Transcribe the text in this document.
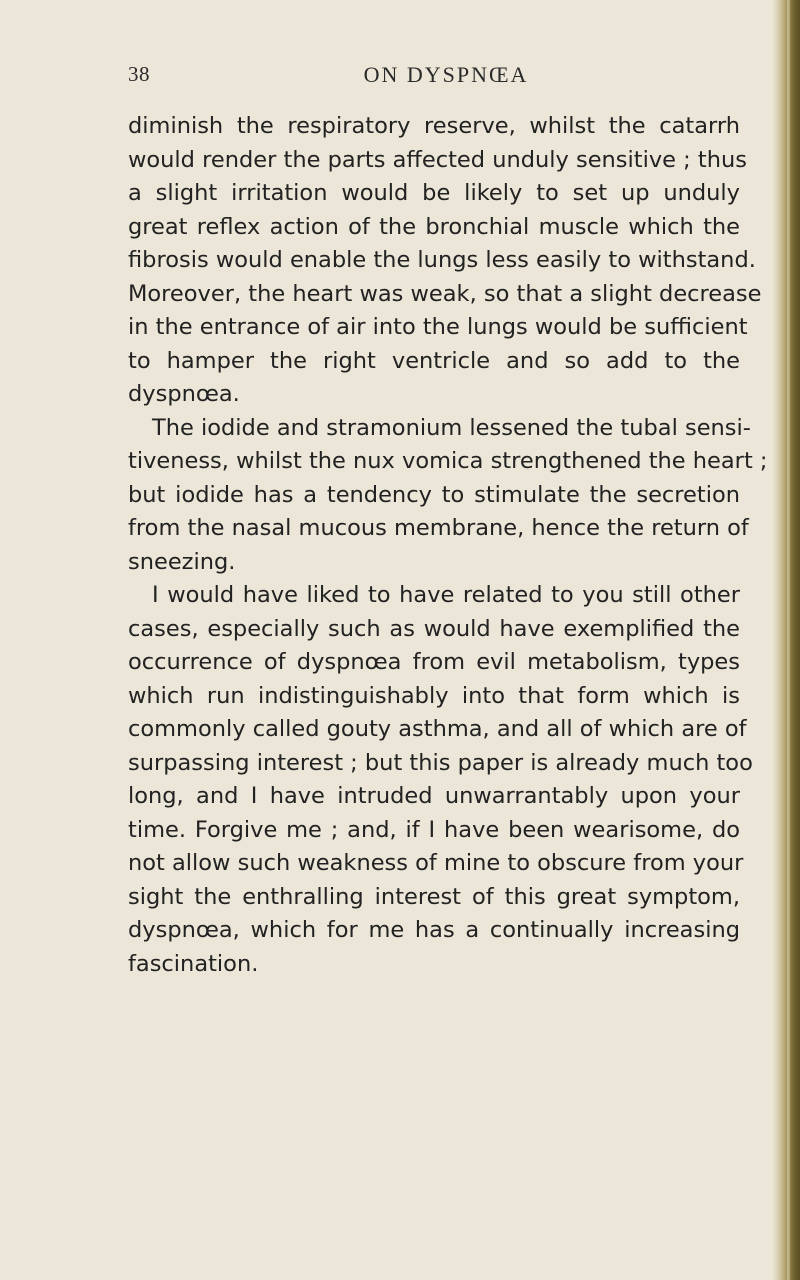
38	ON DYSPNŒA
diminish the respiratory reserve, whilst the catarrh
would render the parts affected unduly sensitive ; thus
a slight irritation would be likely to set up unduly
great reflex action of the bronchial muscle which the
fibrosis would enable the lungs less easily to withstand.
Moreover, the heart was weak, so that a slight decrease
in the entrance of air into the lungs would be sufficient
to hamper the right ventricle and so add to the
dyspnœa.
The iodide and stramonium lessened the tubal sensi-
tiveness, whilst the nux vomica strengthened the heart ;
but iodide has a tendency to stimulate the secretion
from the nasal mucous membrane, hence the return of
sneezing.
I would have liked to have related to you still other
cases, especially such as would have exemplified the
occurrence of dyspnœa from evil metabolism, types
which run indistinguishably into that form which is
commonly called gouty asthma, and all of which are of
surpassing interest ; but this paper is already much too
long, and I have intruded unwarrantably upon your
time. Forgive me ; and, if I have been wearisome, do
not allow such weakness of mine to obscure from your
sight the enthralling interest of this great symptom,
dyspnœa, which for me has a continually increasing
fascination.
